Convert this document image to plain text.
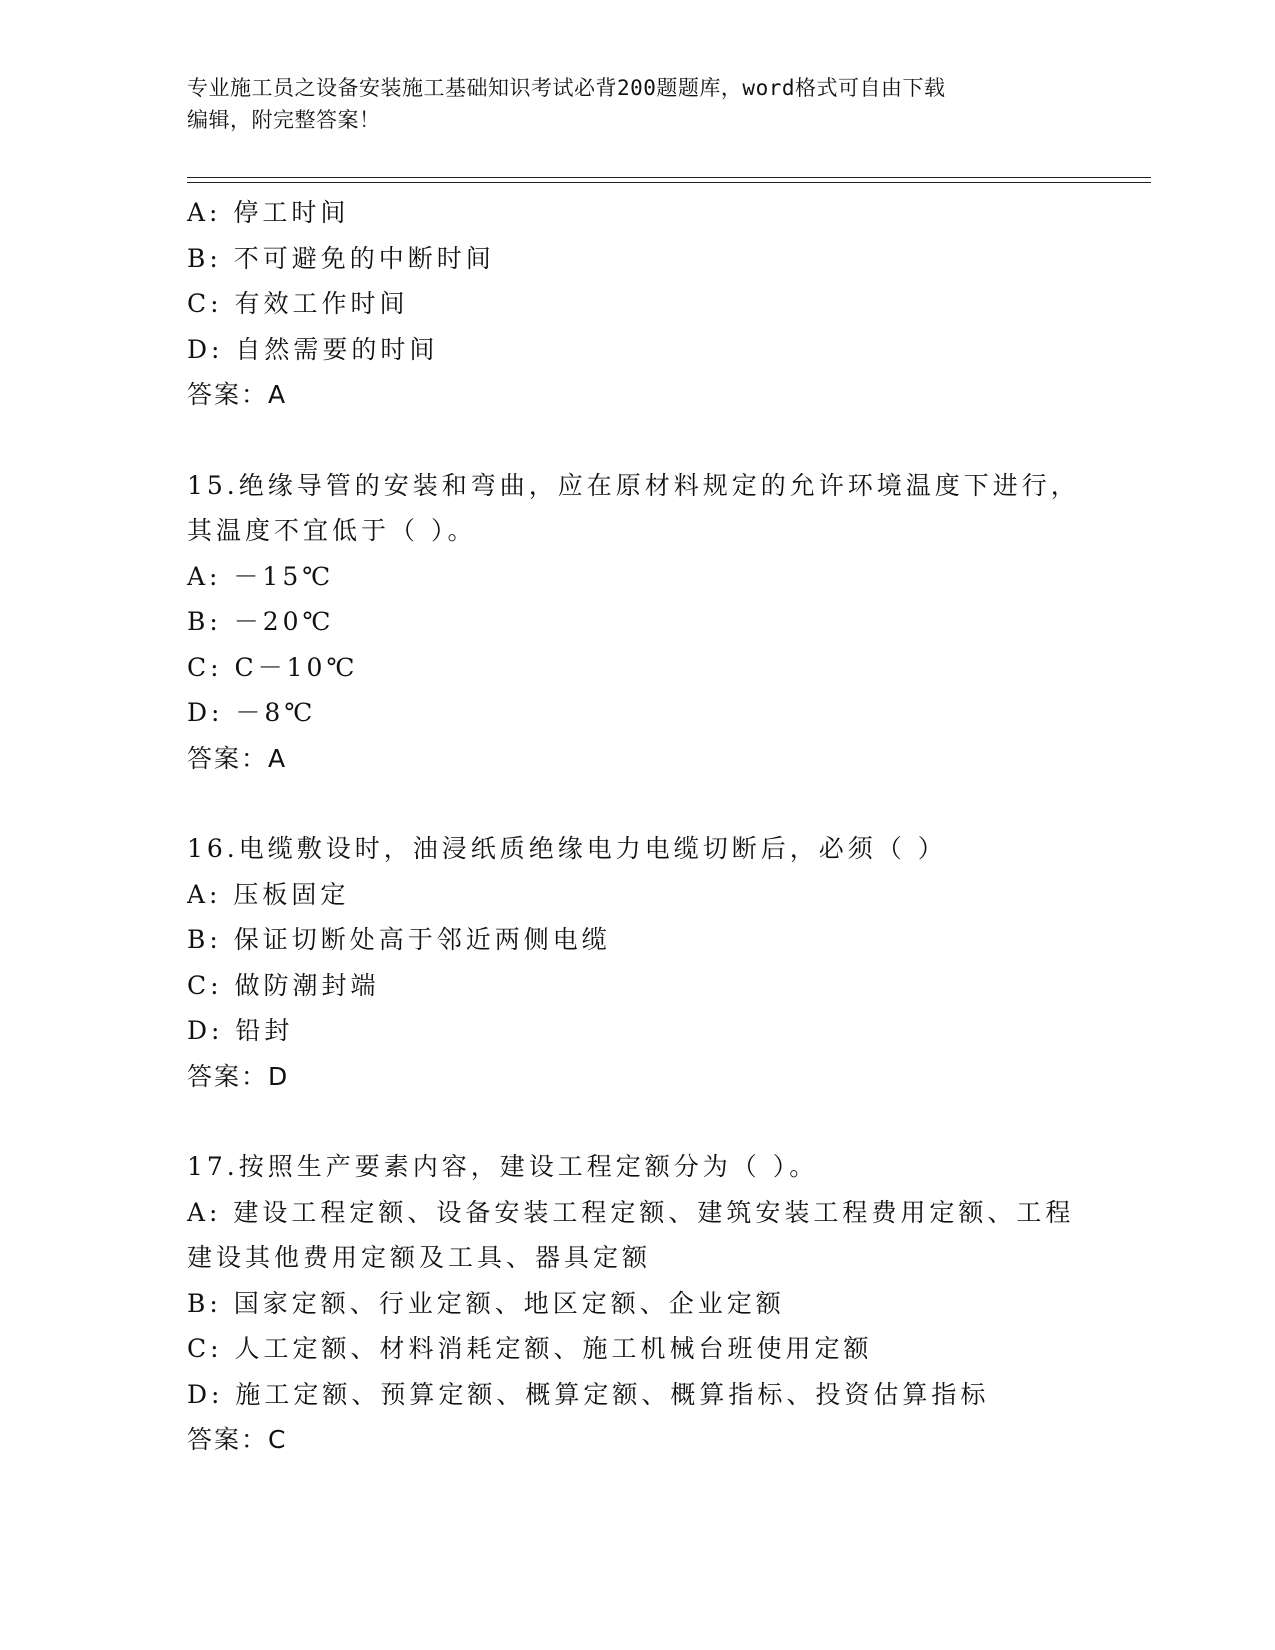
专业施工员之设备安装施工基础知识考试必背200题题库，word格式可自由下载
编辑，附完整答案！
A: 停工时间
B: 不可避免的中断时间
C: 有效工作时间
D: 自然需要的时间
答案：A
15.绝缘导管的安装和弯曲，应在原材料规定的允许环境温度下进行，
其温度不宜低于（ ）。
A: －15℃
B: －20℃
C: C－10℃
D: －8℃
答案：A
16.电缆敷设时，油浸纸质绝缘电力电缆切断后，必须（ ）
A: 压板固定
B: 保证切断处高于邻近两侧电缆
C: 做防潮封端
D: 铅封
答案：D
17.按照生产要素内容，建设工程定额分为（ ）。
A: 建设工程定额、设备安装工程定额、建筑安装工程费用定额、工程
建设其他费用定额及工具、器具定额
B: 国家定额、行业定额、地区定额、企业定额
C: 人工定额、材料消耗定额、施工机械台班使用定额
D: 施工定额、预算定额、概算定额、概算指标、投资估算指标
答案：C
